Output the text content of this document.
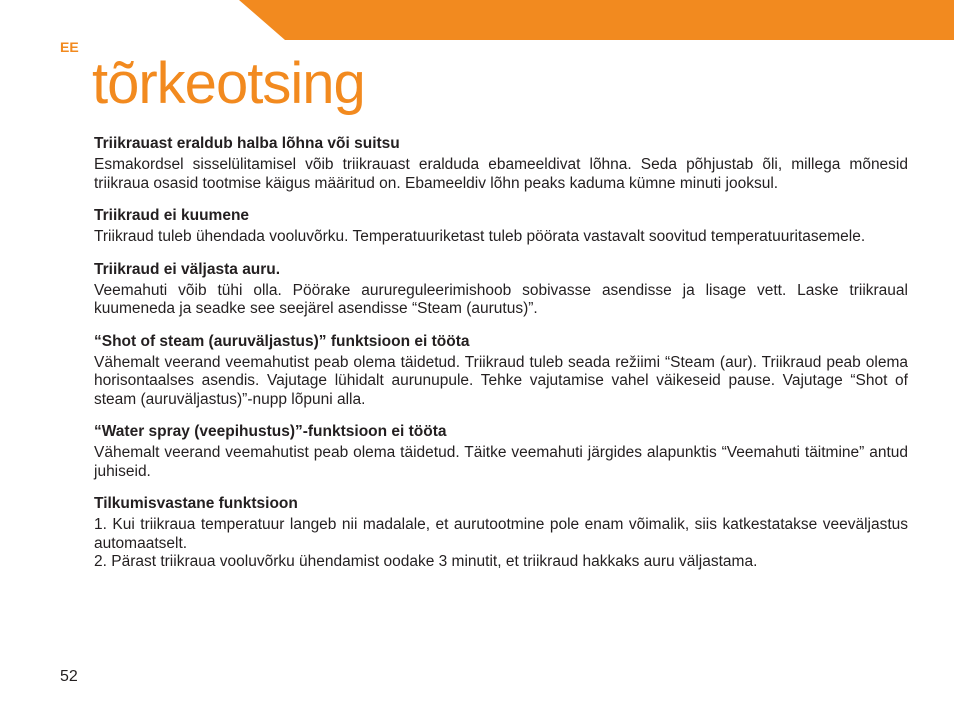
EE
tõrkeotsing
Triikrauast eraldub halba lõhna või suitsu

Esmakordsel sisselülitamisel võib triikrauast eralduda ebameeldivat lõhna. Seda põhjustab õli, millega mõnesid triikraua osasid tootmise käigus määritud on. Ebameeldiv lõhn peaks kaduma kümne minuti jooksul.

Triikraud ei kuumene

Triikraud tuleb ühendada vooluvõrku. Temperatuuriketast tuleb pöörata vastavalt soovitud temperatuuritasemele.

Triikraud ei väljasta auru.

Veemahuti võib tühi olla. Pöörake aurureguleerimishoob sobivasse asendisse ja lisage vett. Laske triikraual kuumeneda ja seadke see seejärel asendisse “Steam (aurutus)”.

“Shot of steam (auruväljastus)” funktsioon ei tööta

Vähemalt veerand veemahutist peab olema täidetud. Triikraud tuleb seada režiimi “Steam (aur). Triikraud peab olema horisontaalses asendis. Vajutage lühidalt aurunupule. Tehke vajutamise vahel väikeseid pause. Vajutage “Shot of steam (auruväljastus)”-nupp lõpuni alla.

“Water spray (veepihustus)”-funktsioon ei tööta

Vähemalt veerand veemahutist peab olema täidetud. Täitke veemahuti järgides alapunktis “Veemahuti täitmine” antud juhiseid.

Tilkumisvastane funktsioon

1. Kui triikraua temperatuur langeb nii madalale, et aurutootmine pole enam võimalik, siis katkestatakse veeväljastus automaatselt.

2. Pärast triikraua vooluvõrku ühendamist oodake 3 minutit, et triikraud hakkaks auru väljastama.

52
